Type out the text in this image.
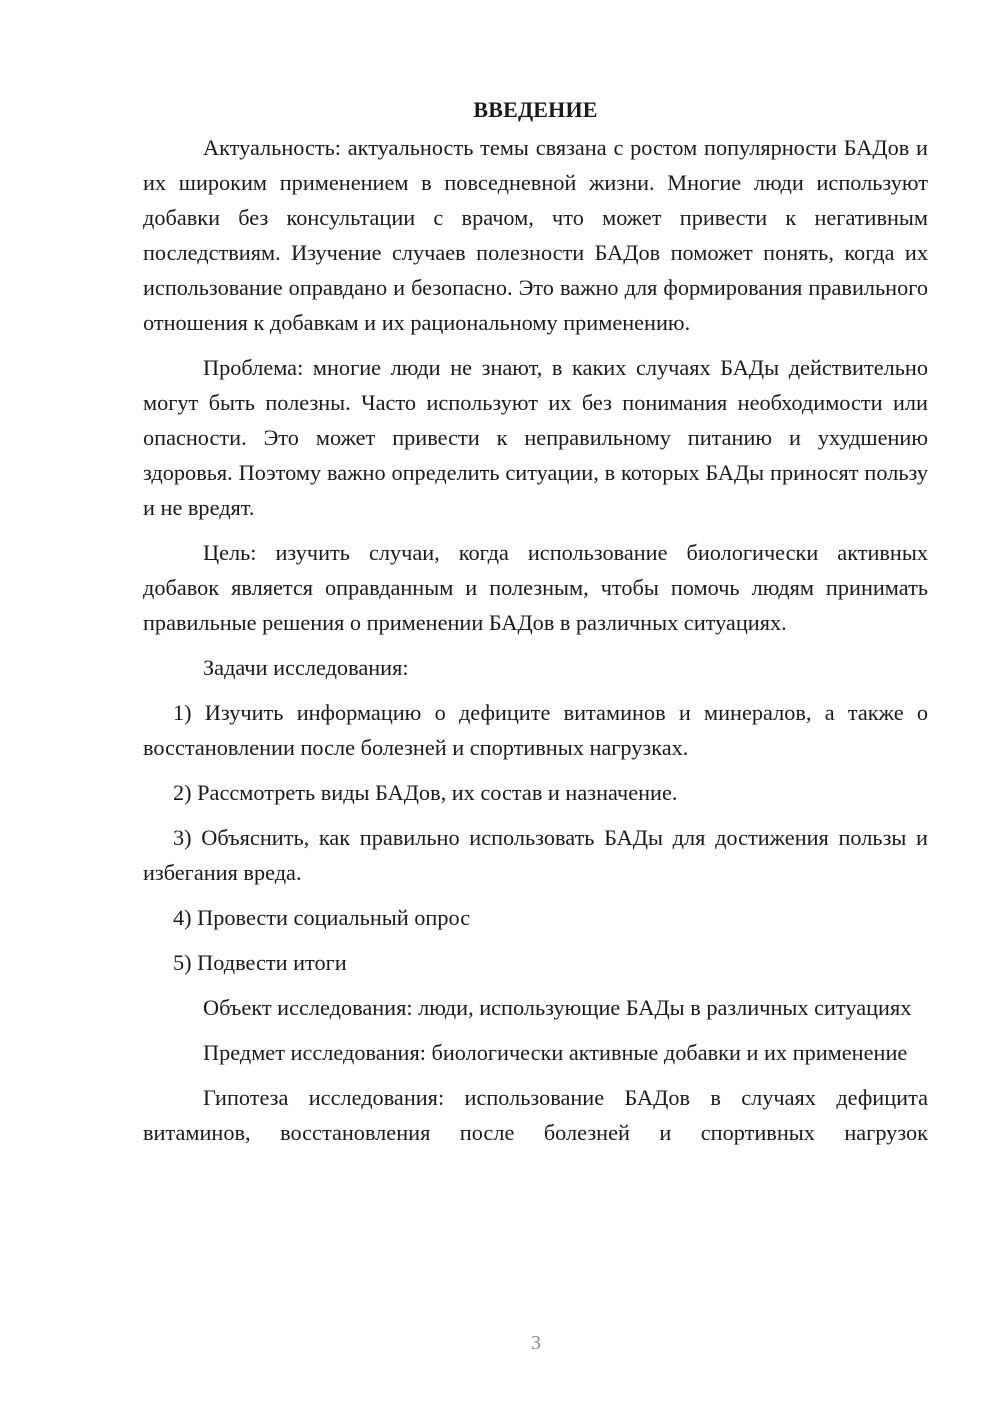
ВВЕДЕНИЕ

Актуальность: актуальность темы связана с ростом популярности БАДов и их широким применением в повседневной жизни. Многие люди используют добавки без консультации с врачом, что может привести к негативным последствиям. Изучение случаев полезности БАДов поможет понять, когда их использование оправдано и безопасно. Это важно для формирования правильного отношения к добавкам и их рациональному применению.

Проблема: многие люди не знают, в каких случаях БАДы действительно могут быть полезны. Часто используют их без понимания необходимости или опасности. Это может привести к неправильному питанию и ухудшению здоровья. Поэтому важно определить ситуации, в которых БАДы приносят пользу и не вредят.

Цель: изучить случаи, когда использование биологически активных добавок является оправданным и полезным, чтобы помочь людям принимать правильные решения о применении БАДов в различных ситуациях.

Задачи исследования:

1) Изучить информацию о дефиците витаминов и минералов, а также о восстановлении после болезней и спортивных нагрузках.

2) Рассмотреть виды БАДов, их состав и назначение.

3) Объяснить, как правильно использовать БАДы для достижения пользы и избегания вреда.

4) Провести социальный опрос

5) Подвести итоги

Объект исследования: люди, использующие БАДы в различных ситуациях

Предмет исследования: биологически активные добавки и их применение

Гипотеза исследования: использование БАДов в случаях дефицита витаминов, восстановления после болезней и спортивных нагрузок

3
